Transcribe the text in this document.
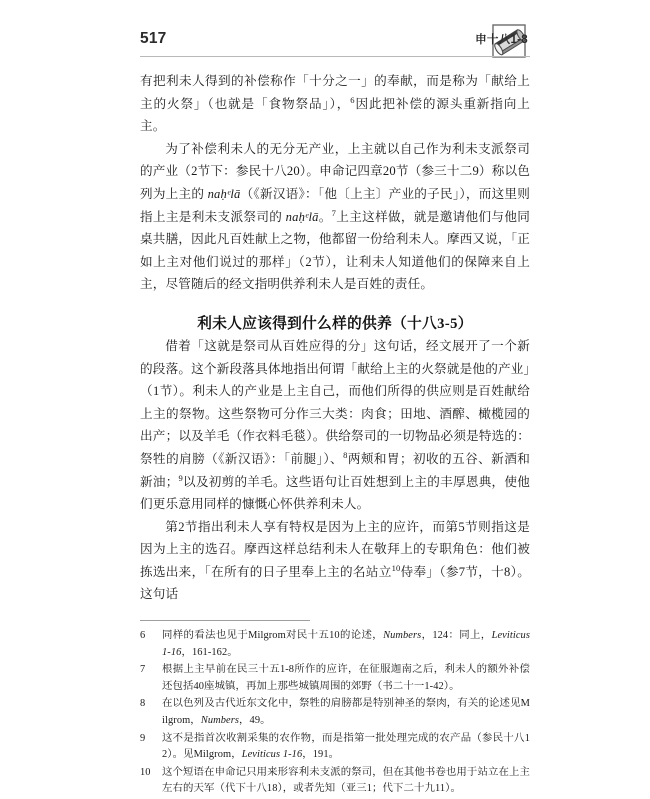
517	申十八1-8

有把利未人得到的补偿称作「十分之一」的奉献，而是称为「献给上主的火祭」（也就是「食物祭品」），$^6$因此把补偿的源头重新指向上主。

为了补偿利未人的无分无产业，上主就以自己作为利未支派祭司的产业（2节下：参民十八20）。申命记四章20节（参三十二9）称以色列为上主的 naḥᵉlā（《新汉语》：「他〔上主〕产业的子民」），而这里则指上主是利未支派祭司的 naḥᵉlā。$^7$上主这样做，就是邀请他们与他同桌共膳，因此凡百姓献上之物，他都留一份给利未人。摩西又说，「正如上主对他们说过的那样」（2节），让利未人知道他们的保障来自上主，尽管随后的经文指明供养利未人是百姓的责任。

利未人应该得到什么样的供养（十八3-5）

借着「这就是祭司从百姓应得的分」这句话，经文展开了一个新的段落。这个新段落具体地指出何谓「献给上主的火祭就是他的产业」（1节）。利未人的产业是上主自己，而他们所得的供应则是百姓献给上主的祭物。这些祭物可分作三大类：肉食；田地、酒醡、橄榄园的出产；以及羊毛（作衣料毛毯）。供给祭司的一切物品必须是特选的：祭牲的肩膀（《新汉语》：「前腿」）、$^8$两颊和胃；初收的五谷、新酒和新油；$^9$以及初剪的羊毛。这些语句让百姓想到上主的丰厚恩典，使他们更乐意用同样的慷慨心怀供养利未人。

第2节指出利未人享有特权是因为上主的应许，而第5节则指这是因为上主的选召。摩西这样总结利未人在敬拜上的专职角色：他们被拣选出来，「在所有的日子里奉上主的名站立$^{10}$侍奉」（参7节，十8）。这句话

6	同样的看法也见于Milgrom对民十五10的论述，Numbers，124：同上，Leviticus 1-16，161-162。
7	根据上主早前在民三十五1-8所作的应许，在征服迦南之后，利未人的额外补偿还包括40座城镇，再加上那些城镇周围的郊野（书二十一1-42）。
8	在以色列及古代近东文化中，祭牲的肩膀都是特别神圣的祭肉，有关的论述见Milgrom，Numbers，49。
9	这不是指首次收割采集的农作物，而是指第一批处理完成的农产品（参民十八12）。见Milgrom，Leviticus 1-16，191。
10	这个短语在申命记只用来形容利未支派的祭司，但在其他书卷也用于站立在上主左右的天军（代下十八18），或者先知（亚三1；代下二十九11）。
